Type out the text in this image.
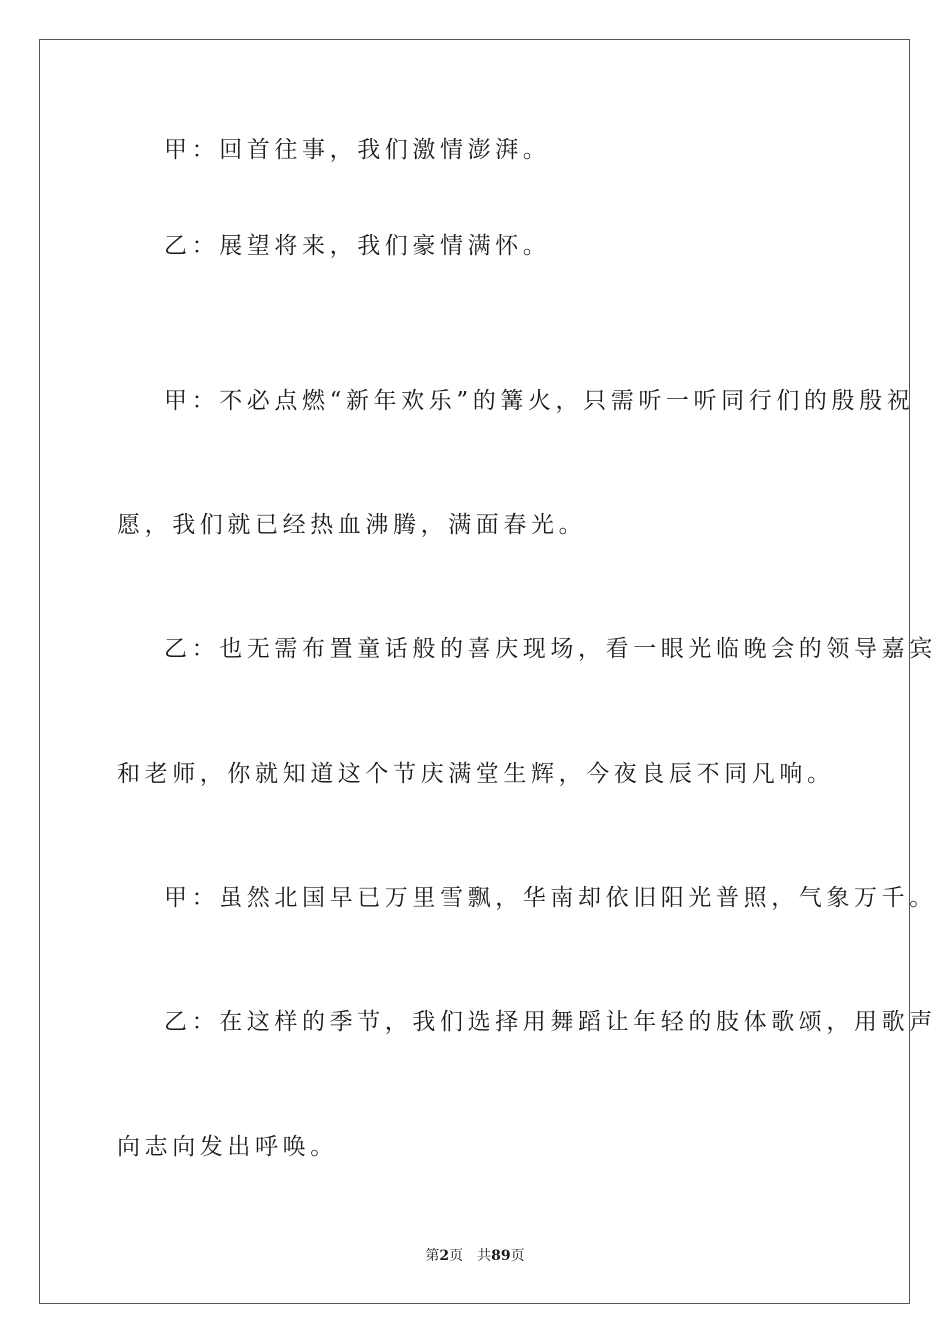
甲：回首往事，我们激情澎湃。

乙：展望将来，我们豪情满怀。

甲：不必点燃“新年欢乐”的篝火，只需听一听同行们的殷殷祝

愿，我们就已经热血沸腾，满面春光。

乙：也无需布置童话般的喜庆现场，看一眼光临晚会的领导嘉宾

和老师，你就知道这个节庆满堂生辉，今夜良辰不同凡响。

甲：虽然北国早已万里雪飘，华南却依旧阳光普照，气象万千。

乙：在这样的季节，我们选择用舞蹈让年轻的肢体歌颂，用歌声

向志向发出呼唤。

第2页 共89页
